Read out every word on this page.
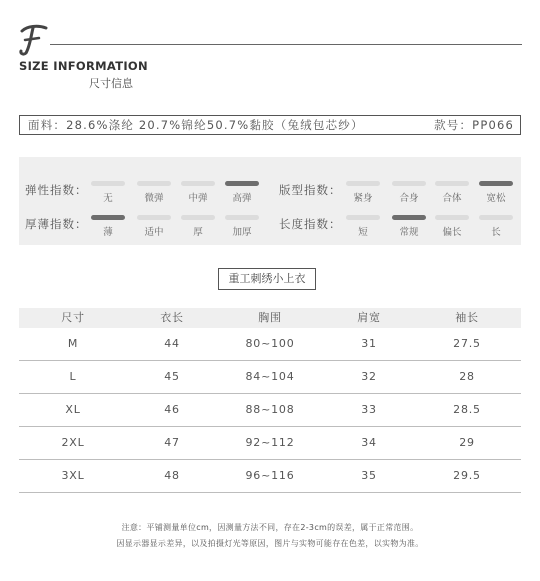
SIZE INFORMATION
尺寸信息
面料：28.6%涤纶 20.7%锦纶50.7%黏胶（兔绒包芯纱）	款号：PP066
弹性指数：	版型指数：
厚薄指数：	长度指数：
无	微弹	中弹	高弹	紧身	合身	合体	宽松
薄	适中	厚	加厚	短	常规	偏长	长
重工刺绣小上衣
尺寸	衣长	胸围	肩宽	袖长
M	44	80~100	31	27.5
L	45	84~104	32	28
XL	46	88~108	33	28.5
2XL	47	92~112	34	29
3XL	48	96~116	35	29.5
注意：平铺测量单位cm，因测量方法不同，存在2-3cm的误差，属于正常范围。
因显示器显示差异，以及拍摄灯光等原因，图片与实物可能存在色差，以实物为准。
